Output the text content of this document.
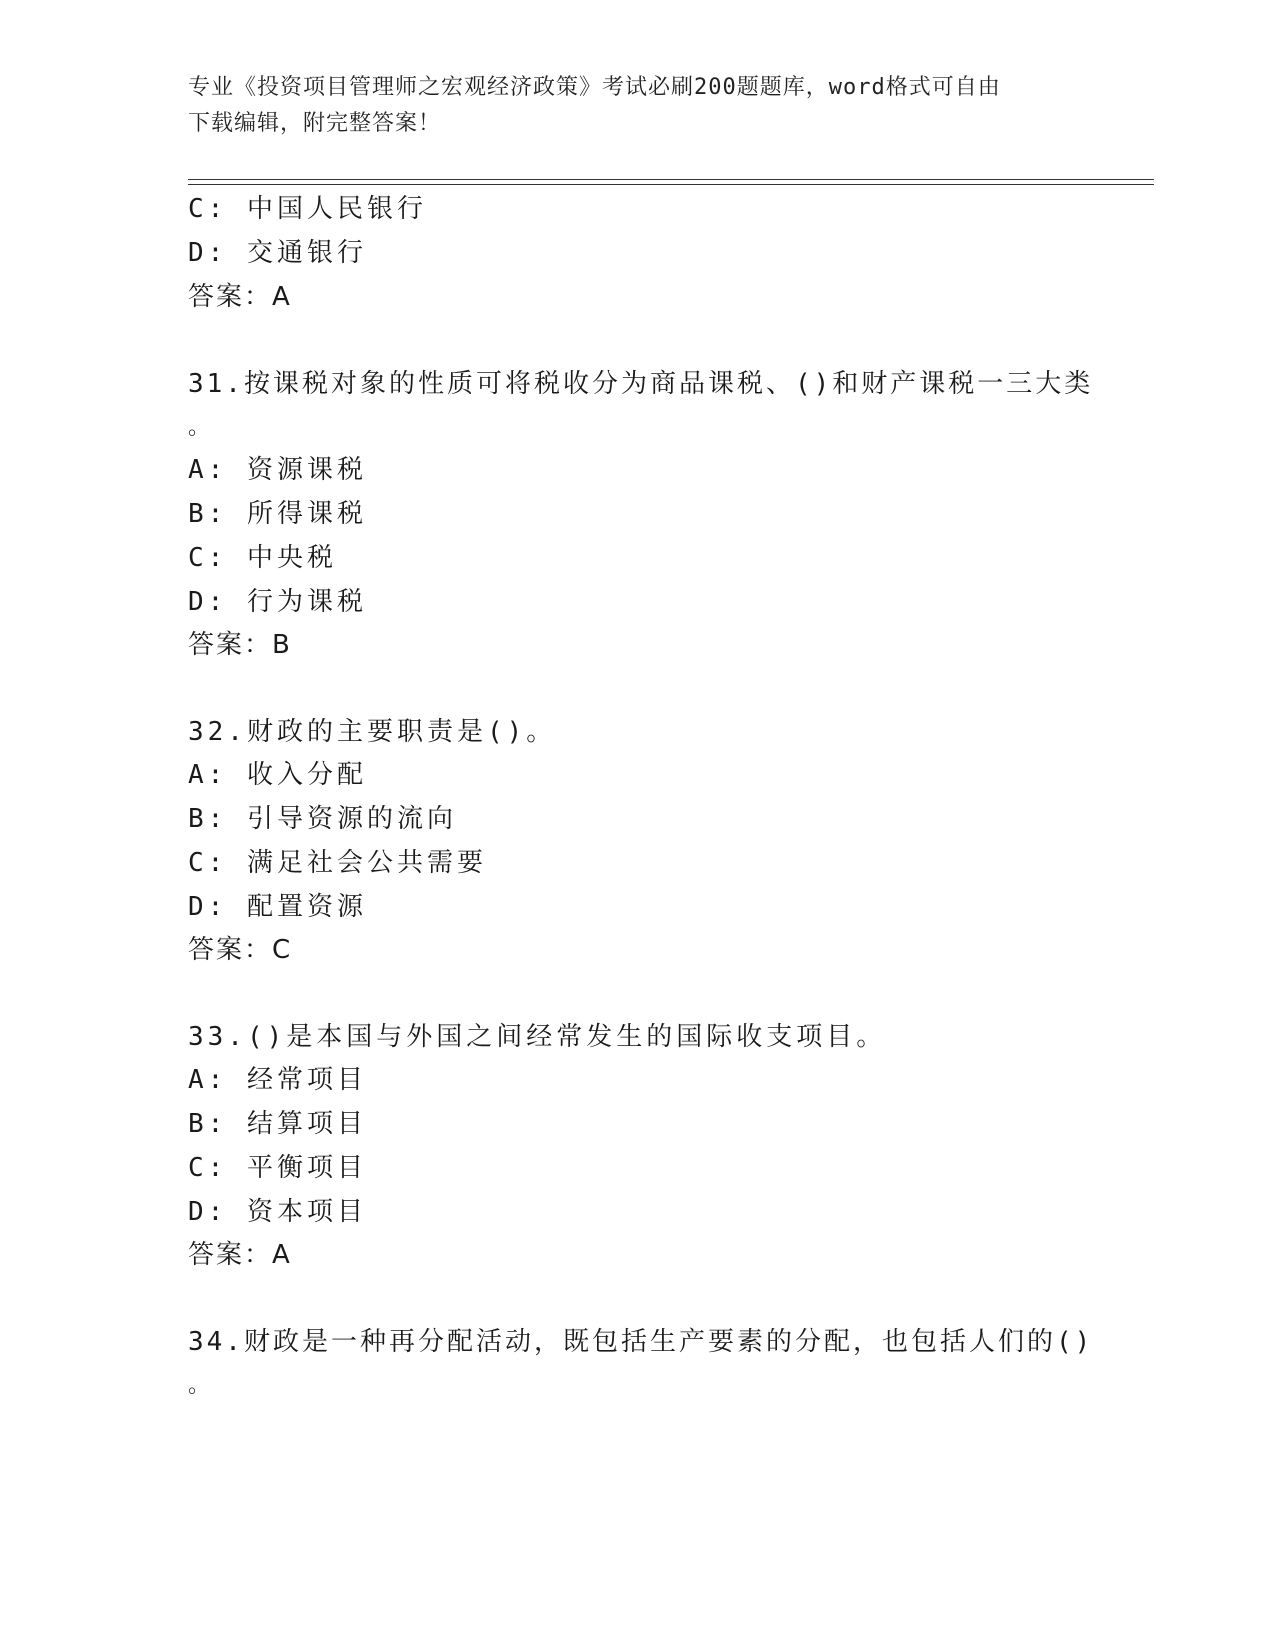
专业《投资项目管理师之宏观经济政策》考试必刷200题题库，word格式可自由
下载编辑，附完整答案！
C: 中国人民银行
D: 交通银行
答案：A
31.按课税对象的性质可将税收分为商品课税、()和财产课税一三大类
。
A: 资源课税
B: 所得课税
C: 中央税
D: 行为课税
答案：B
32.财政的主要职责是()。
A: 收入分配
B: 引导资源的流向
C: 满足社会公共需要
D: 配置资源
答案：C
33.()是本国与外国之间经常发生的国际收支项目。
A: 经常项目
B: 结算项目
C: 平衡项目
D: 资本项目
答案：A
34.财政是一种再分配活动，既包括生产要素的分配，也包括人们的()
。
